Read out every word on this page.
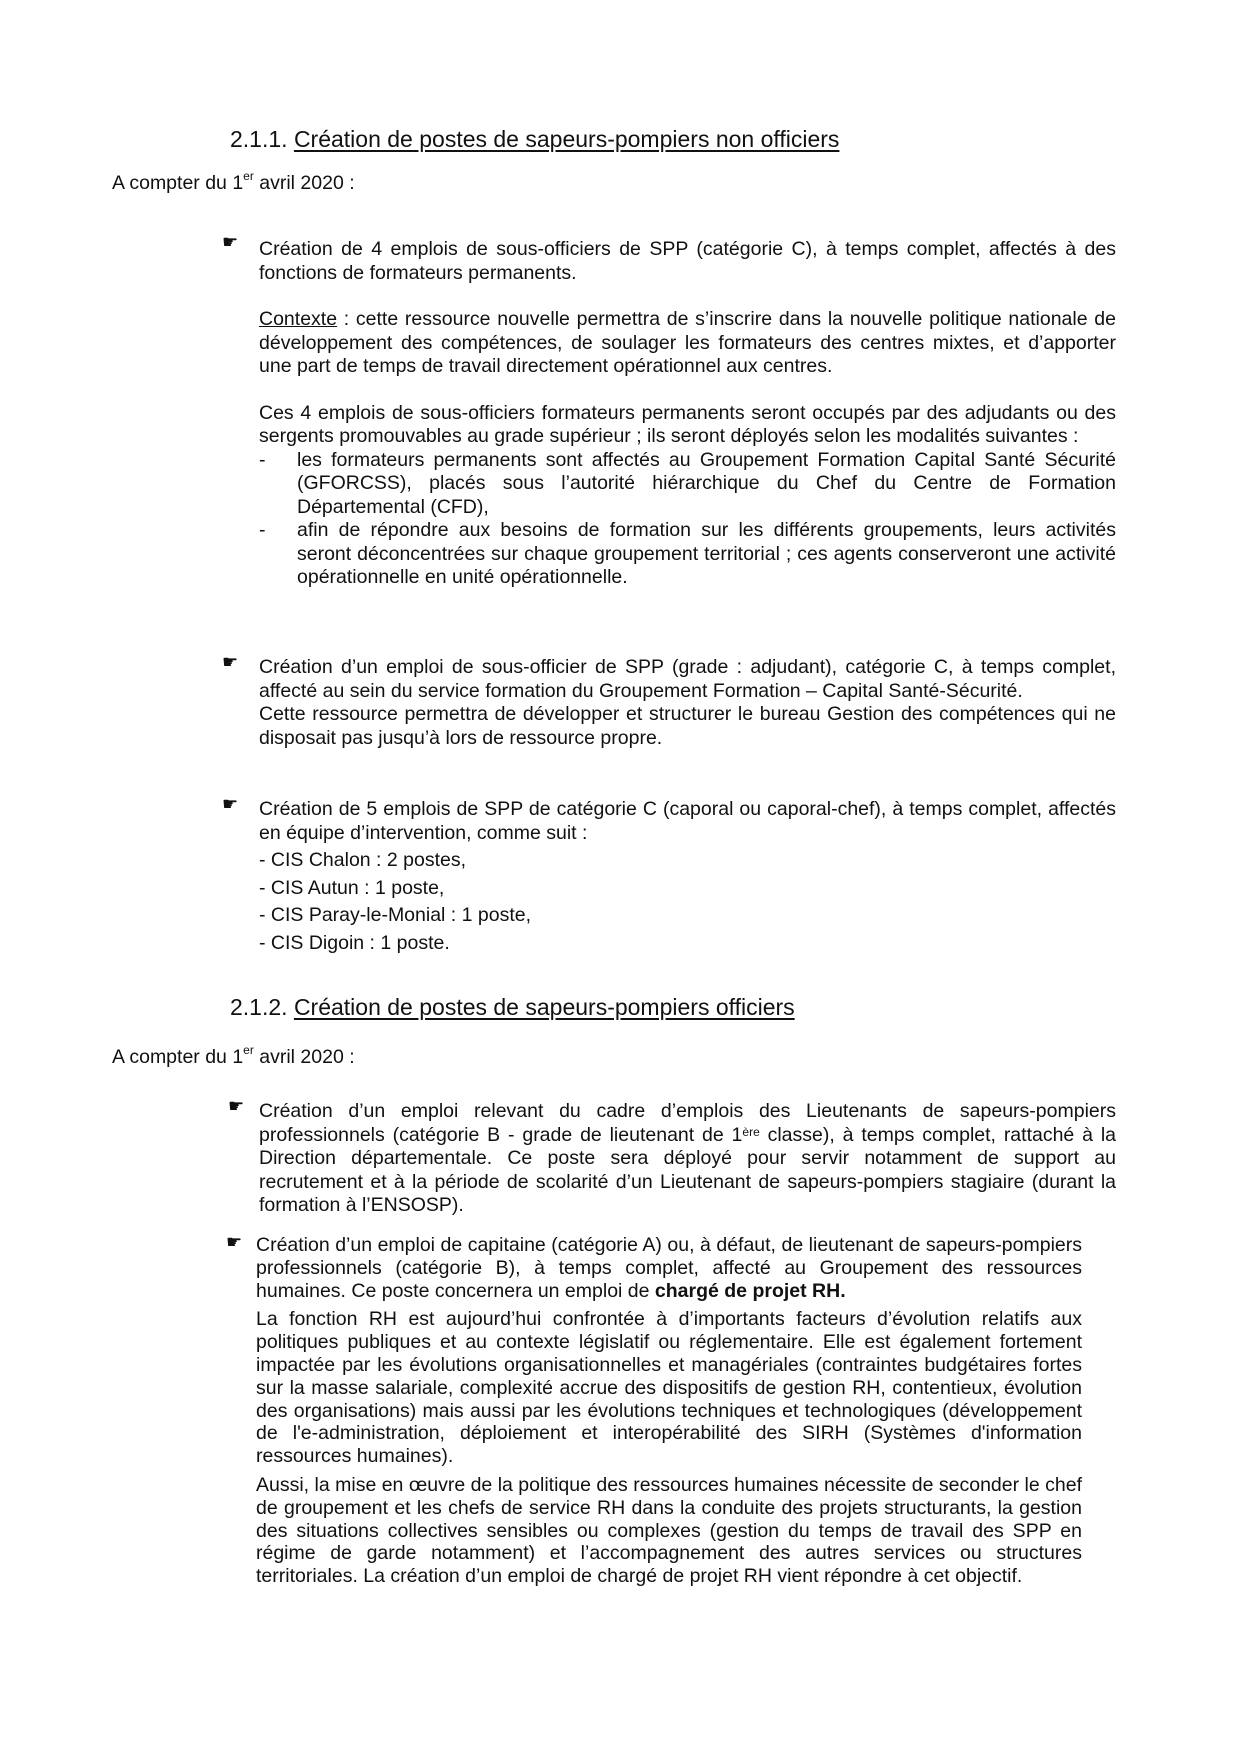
2.1.1. Création de postes de sapeurs-pompiers non officiers
A compter du 1er avril 2020 :
☛ Création de 4 emplois de sous-officiers de SPP (catégorie C), à temps complet, affectés à des fonctions de formateurs permanents.

Contexte : cette ressource nouvelle permettra de s’inscrire dans la nouvelle politique nationale de développement des compétences, de soulager les formateurs des centres mixtes, et d’apporter une part de temps de travail directement opérationnel aux centres.

Ces 4 emplois de sous-officiers formateurs permanents seront occupés par des adjudants ou des sergents promouvables au grade supérieur ; ils seront déployés selon les modalités suivantes :

- les formateurs permanents sont affectés au Groupement Formation Capital Santé Sécurité (GFORCSS), placés sous l’autorité hiérarchique du Chef du Centre de Formation Départemental (CFD),
- afin de répondre aux besoins de formation sur les différents groupements, leurs activités seront déconcentrées sur chaque groupement territorial ; ces agents conserveront une activité opérationnelle en unité opérationnelle.
☛ Création d’un emploi de sous-officier de SPP (grade : adjudant), catégorie C, à temps complet, affecté au sein du service formation du Groupement Formation – Capital Santé-Sécurité.

Cette ressource permettra de développer et structurer le bureau Gestion des compétences qui ne disposait pas jusqu’à lors de ressource propre.

☛ Création de 5 emplois de SPP de catégorie C (caporal ou caporal-chef), à temps complet, affectés en équipe d’intervention, comme suit :

- CIS Chalon : 2 postes,
- CIS Autun : 1 poste,
- CIS Paray-le-Monial : 1 poste,
- CIS Digoin : 1 poste.
2.1.2. Création de postes de sapeurs-pompiers officiers
A compter du 1er avril 2020 :
☛ Création d’un emploi relevant du cadre d’emplois des Lieutenants de sapeurs-pompiers professionnels (catégorie B - grade de lieutenant de 1ère classe), à temps complet, rattaché à la Direction départementale. Ce poste sera déployé pour servir notamment de support au recrutement et à la période de scolarité d’un Lieutenant de sapeurs-pompiers stagiaire (durant la formation à l’ENSOSP).

☛ Création d’un emploi de capitaine (catégorie A) ou, à défaut, de lieutenant de sapeurs-pompiers professionnels (catégorie B), à temps complet, affecté au Groupement des ressources humaines. Ce poste concernera un emploi de chargé de projet RH.

La fonction RH est aujourd’hui confrontée à d’importants facteurs d’évolution relatifs aux politiques publiques et au contexte législatif ou réglementaire. Elle est également fortement impactée par les évolutions organisationnelles et managériales (contraintes budgétaires fortes sur la masse salariale, complexité accrue des dispositifs de gestion RH, contentieux, évolution des organisations) mais aussi par les évolutions techniques et technologiques (développement de l'e-administration, déploiement et interopérabilité des SIRH (Systèmes d'information ressources humaines).

Aussi, la mise en œuvre de la politique des ressources humaines nécessite de seconder le chef de groupement et les chefs de service RH dans la conduite des projets structurants, la gestion des situations collectives sensibles ou complexes (gestion du temps de travail des SPP en régime de garde notamment) et l’accompagnement des autres services ou structures territoriales. La création d’un emploi de chargé de projet RH vient répondre à cet objectif.
